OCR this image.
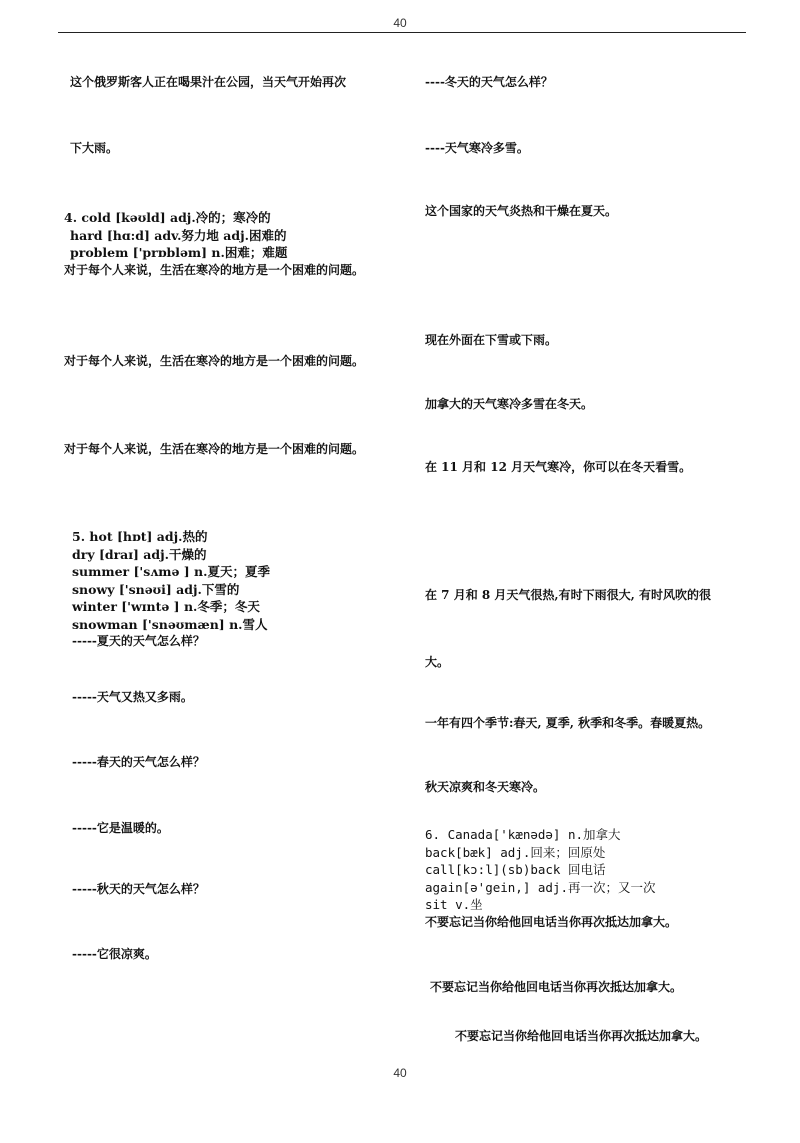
40
这个俄罗斯客人正在喝果汁在公园，当天气开始再次
下大雨。
4. cold [kəʊld] adj.冷的；寒冷的
hard [hɑ:d] adv.努力地 adj.困难的
problem ['prɒbləm] n.困难；难题
对于每个人来说，生活在寒冷的地方是一个困难的问题。
对于每个人来说，生活在寒冷的地方是一个困难的问题。
对于每个人来说，生活在寒冷的地方是一个困难的问题。
5. hot [hɒt] adj.热的
dry [draɪ] adj.干燥的
summer ['sʌmə ] n.夏天；夏季
snowy ['snəʊi] adj.下雪的
winter ['wɪntə ] n.冬季；冬天
snowman ['snəʊmæn] n.雪人
-----夏天的天气怎么样？
-----天气又热又多雨。
-----春天的天气怎么样？
-----它是温暖的。
-----秋天的天气怎么样？
-----它很凉爽。
----冬天的天气怎么样？
----天气寒冷多雪。
这个国家的天气炎热和干燥在夏天。
现在外面在下雪或下雨。
加拿大的天气寒冷多雪在冬天。
在 11 月和 12 月天气寒冷，你可以在冬天看雪。
在 7 月和 8 月天气很热,有时下雨很大, 有时风吹的很
大。
一年有四个季节:春天, 夏季, 秋季和冬季。春暖夏热。
秋天凉爽和冬天寒冷。
6. Canada['kænədə] n.加拿大
back[bæk] adj.回来；回原处
call[kɔ:l](sb)back 回电话
again[ə'gein,] adj.再一次；又一次
sit v.坐
不要忘记当你给他回电话当你再次抵达加拿大。
不要忘记当你给他回电话当你再次抵达加拿大。
不要忘记当你给他回电话当你再次抵达加拿大。
40
